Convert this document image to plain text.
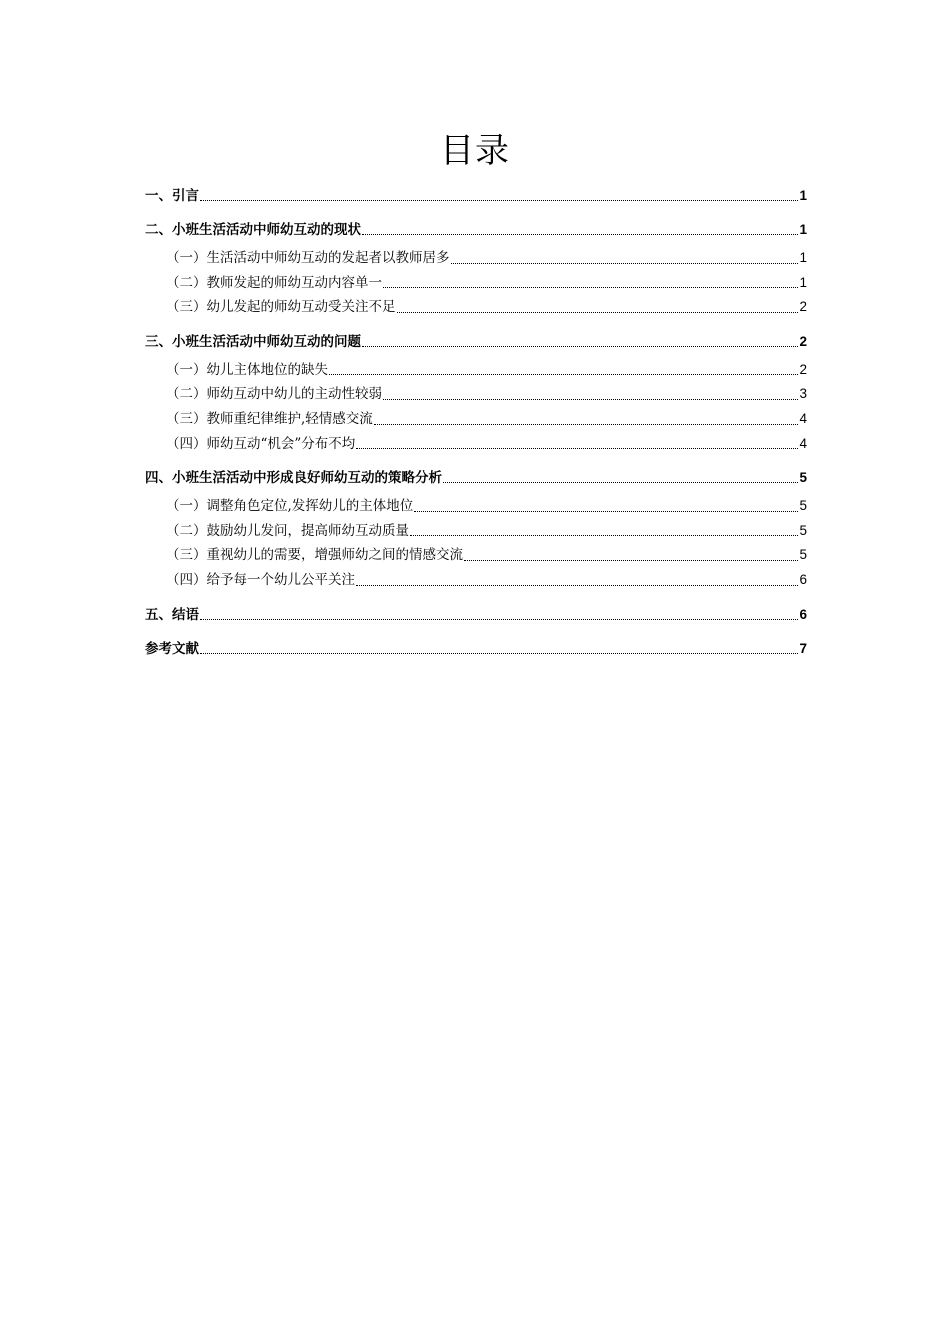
目录
一、引言	1
二、小班生活活动中师幼互动的现状	1
（一）生活活动中师幼互动的发起者以教师居多	1
（二）教师发起的师幼互动内容单一	1
（三）幼儿发起的师幼互动受关注不足	2
三、小班生活活动中师幼互动的问题	2
（一）幼儿主体地位的缺失	2
（二）师幼互动中幼儿的主动性较弱	3
（三）教师重纪律维护,轻情感交流	4
（四）师幼互动“机会”分布不均	4
四、小班生活活动中形成良好师幼互动的策略分析	5
（一）调整角色定位,发挥幼儿的主体地位	5
（二）鼓励幼儿发问，提高师幼互动质量	5
（三）重视幼儿的需要，增强师幼之间的情感交流	5
（四）给予每一个幼儿公平关注	6
五、结语	6
参考文献	7
